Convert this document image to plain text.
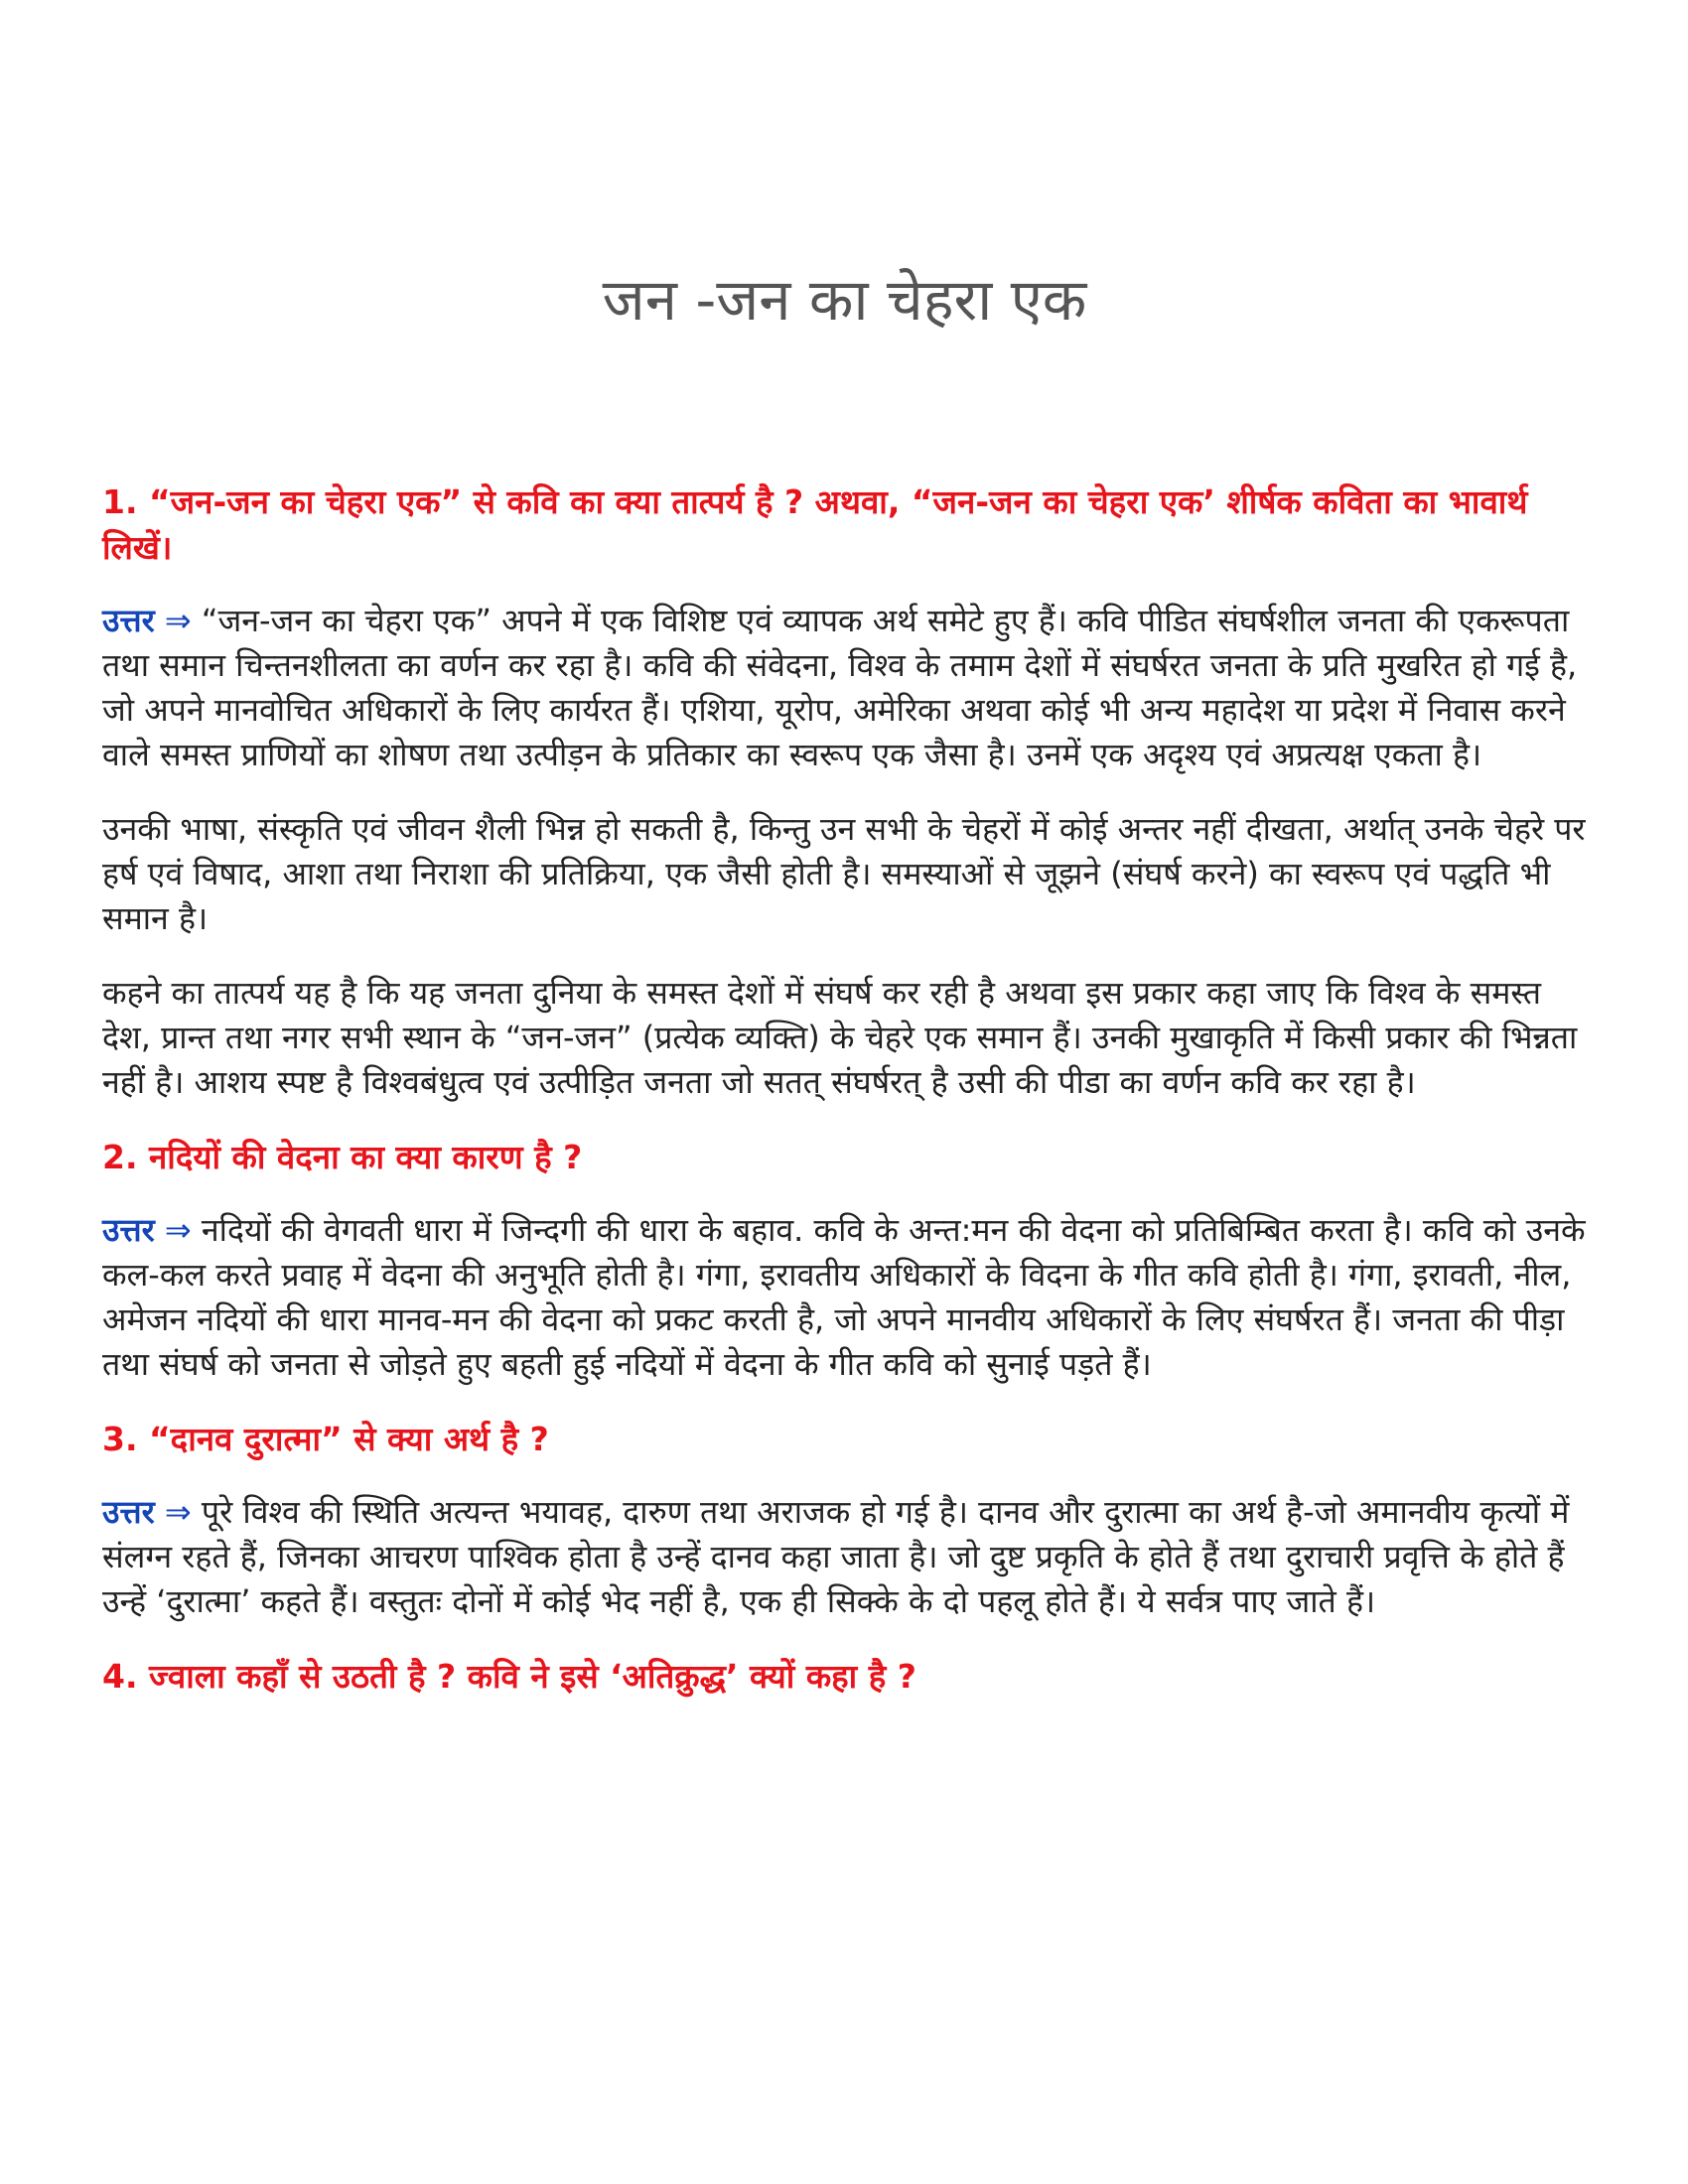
जन -जन का चेहरा एक

1. “जन-जन का चेहरा एक” से कवि का क्या तात्पर्य है ? अथवा, “जन-जन का चेहरा एक’ शीर्षक कविता का भावार्थ लिखें।

उत्तर ⇒ “जन-जन का चेहरा एक” अपने में एक विशिष्ट एवं व्यापक अर्थ समेटे हुए हैं। कवि पीडित संघर्षशील जनता की एकरूपता तथा समान चिन्तनशीलता का वर्णन कर रहा है। कवि की संवेदना, विश्व के तमाम देशों में संघर्षरत जनता के प्रति मुखरित हो गई है, जो अपने मानवोचित अधिकारों के लिए कार्यरत हैं। एशिया, यूरोप, अमेरिका अथवा कोई भी अन्य महादेश या प्रदेश में निवास करने वाले समस्त प्राणियों का शोषण तथा उत्पीड़न के प्रतिकार का स्वरूप एक जैसा है। उनमें एक अदृश्य एवं अप्रत्यक्ष एकता है।

उनकी भाषा, संस्कृति एवं जीवन शैली भिन्न हो सकती है, किन्तु उन सभी के चेहरों में कोई अन्तर नहीं दीखता, अर्थात् उनके चेहरे पर हर्ष एवं विषाद, आशा तथा निराशा की प्रतिक्रिया, एक जैसी होती है। समस्याओं से जूझने (संघर्ष करने) का स्वरूप एवं पद्धति भी समान है।

कहने का तात्पर्य यह है कि यह जनता दुनिया के समस्त देशों में संघर्ष कर रही है अथवा इस प्रकार कहा जाए कि विश्व के समस्त देश, प्रान्त तथा नगर सभी स्थान के “जन-जन” (प्रत्येक व्यक्ति) के चेहरे एक समान हैं। उनकी मुखाकृति में किसी प्रकार की भिन्नता नहीं है। आशय स्पष्ट है विश्वबंधुत्व एवं उत्पीड़ित जनता जो सतत् संघर्षरत् है उसी की पीडा का वर्णन कवि कर रहा है।

2. नदियों की वेदना का क्या कारण है ?

उत्तर ⇒ नदियों की वेगवती धारा में जिन्दगी की धारा के बहाव. कवि के अन्त:मन की वेदना को प्रतिबिम्बित करता है। कवि को उनके कल-कल करते प्रवाह में वेदना की अनुभूति होती है। गंगा, इरावतीय अधिकारों के विदना के गीत कवि होती है। गंगा, इरावती, नील, अमेजन नदियों की धारा मानव-मन की वेदना को प्रकट करती है, जो अपने मानवीय अधिकारों के लिए संघर्षरत हैं। जनता की पीड़ा तथा संघर्ष को जनता से जोड़ते हुए बहती हुई नदियों में वेदना के गीत कवि को सुनाई पड़ते हैं।

3. “दानव दुरात्मा” से क्या अर्थ है ?

उत्तर ⇒ पूरे विश्व की स्थिति अत्यन्त भयावह, दारुण तथा अराजक हो गई है। दानव और दुरात्मा का अर्थ है-जो अमानवीय कृत्यों में संलग्न रहते हैं, जिनका आचरण पाश्विक होता है उन्हें दानव कहा जाता है। जो दुष्ट प्रकृति के होते हैं तथा दुराचारी प्रवृत्ति के होते हैं उन्हें ‘दुरात्मा’ कहते हैं। वस्तुतः दोनों में कोई भेद नहीं है, एक ही सिक्के के दो पहलू होते हैं। ये सर्वत्र पाए जाते हैं।

4. ज्वाला कहाँ से उठती है ? कवि ने इसे ‘अतिक्रुद्ध’ क्यों कहा है ?
